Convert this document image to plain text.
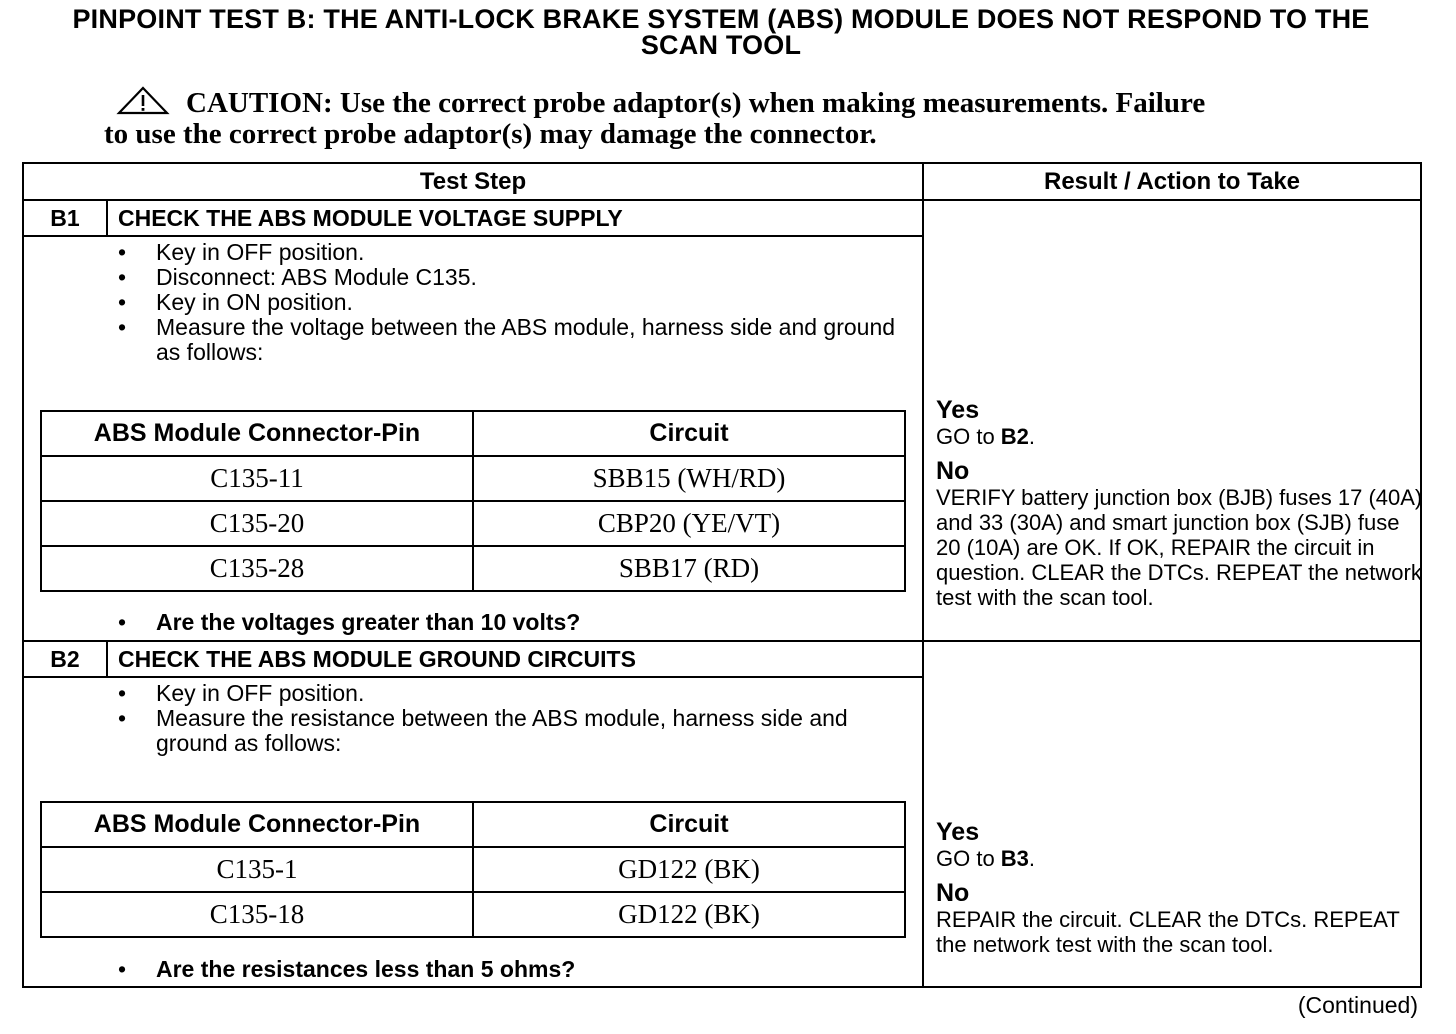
PINPOINT TEST B: THE ANTI-LOCK BRAKE SYSTEM (ABS) MODULE DOES NOT RESPOND TO THE SCAN TOOL
CAUTION: Use the correct probe adaptor(s) when making measurements. Failure
to use the correct probe adaptor(s) may damage the connector.
Test Step	Result / Action to Take
B1	CHECK THE ABS MODULE VOLTAGE SUPPLY
• Key in OFF position.
• Disconnect: ABS Module C135.
• Key in ON position.
• Measure the voltage between the ABS module, harness side and ground as follows:
ABS Module Connector-Pin	Circuit
C135-11	SBB15 (WH/RD)
C135-20	CBP20 (YE/VT)
C135-28	SBB17 (RD)
• Are the voltages greater than 10 volts?
Yes
GO to B2.
No
VERIFY battery junction box (BJB) fuses 17 (40A) and 33 (30A) and smart junction box (SJB) fuse 20 (10A) are OK. If OK, REPAIR the circuit in question. CLEAR the DTCs. REPEAT the network test with the scan tool.
B2	CHECK THE ABS MODULE GROUND CIRCUITS
• Key in OFF position.
• Measure the resistance between the ABS module, harness side and ground as follows:
ABS Module Connector-Pin	Circuit
C135-1	GD122 (BK)
C135-18	GD122 (BK)
• Are the resistances less than 5 ohms?
Yes
GO to B3.
No
REPAIR the circuit. CLEAR the DTCs. REPEAT the network test with the scan tool.
(Continued)
